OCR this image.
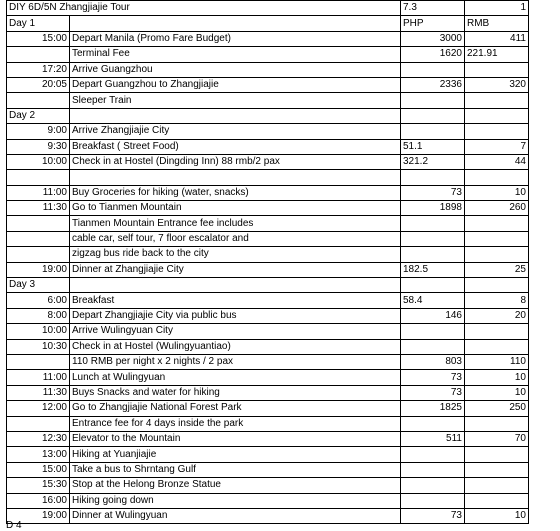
DIY 6D/5N Zhangjiajie Tour		7.3	1
Day 1		PHP	RMB
15:00	Depart Manila (Promo Fare Budget)	3000	411
	Terminal Fee	1620	221.91
17:20	Arrive Guangzhou		
20:05	Depart Guangzhou to Zhangjiajie	2336	320
	Sleeper Train		
Day 2			
9:00	Arrive Zhangjiajie City		
9:30	Breakfast ( Street Food)	51.1	7
10:00	Check in at Hostel (Dingding Inn) 88 rmb/2 pax	321.2	44

11:00	Buy Groceries for hiking (water, snacks)	73	10
11:30	Go to Tianmen Mountain	1898	260
	Tianmen Mountain Entrance fee includes		
	cable car, self tour, 7 floor escalator and		
	zigzag bus ride back to the city		
19:00	Dinner at Zhangjiajie City	182.5	25
Day 3			
6:00	Breakfast	58.4	8
8:00	Depart Zhangjiajie City via public bus	146	20
10:00	Arrive Wulingyuan City		
10:30	Check in at Hostel (Wulingyuantiao)		
	110 RMB per night x 2 nights / 2 pax	803	110
11:00	Lunch at Wulingyuan	73	10
11:30	Buys Snacks and water for hiking	73	10
12:00	Go to Zhangjiajie National Forest Park	1825	250
	Entrance fee for 4 days inside the park		
12:30	Elevator to the Mountain	511	70
13:00	Hiking at Yuanjiajie		
15:00	Take a bus to Shrntang Gulf		
15:30	Stop at the Helong Bronze Statue		
16:00	Hiking going down		
19:00	Dinner at Wulingyuan	73	10
D 4
